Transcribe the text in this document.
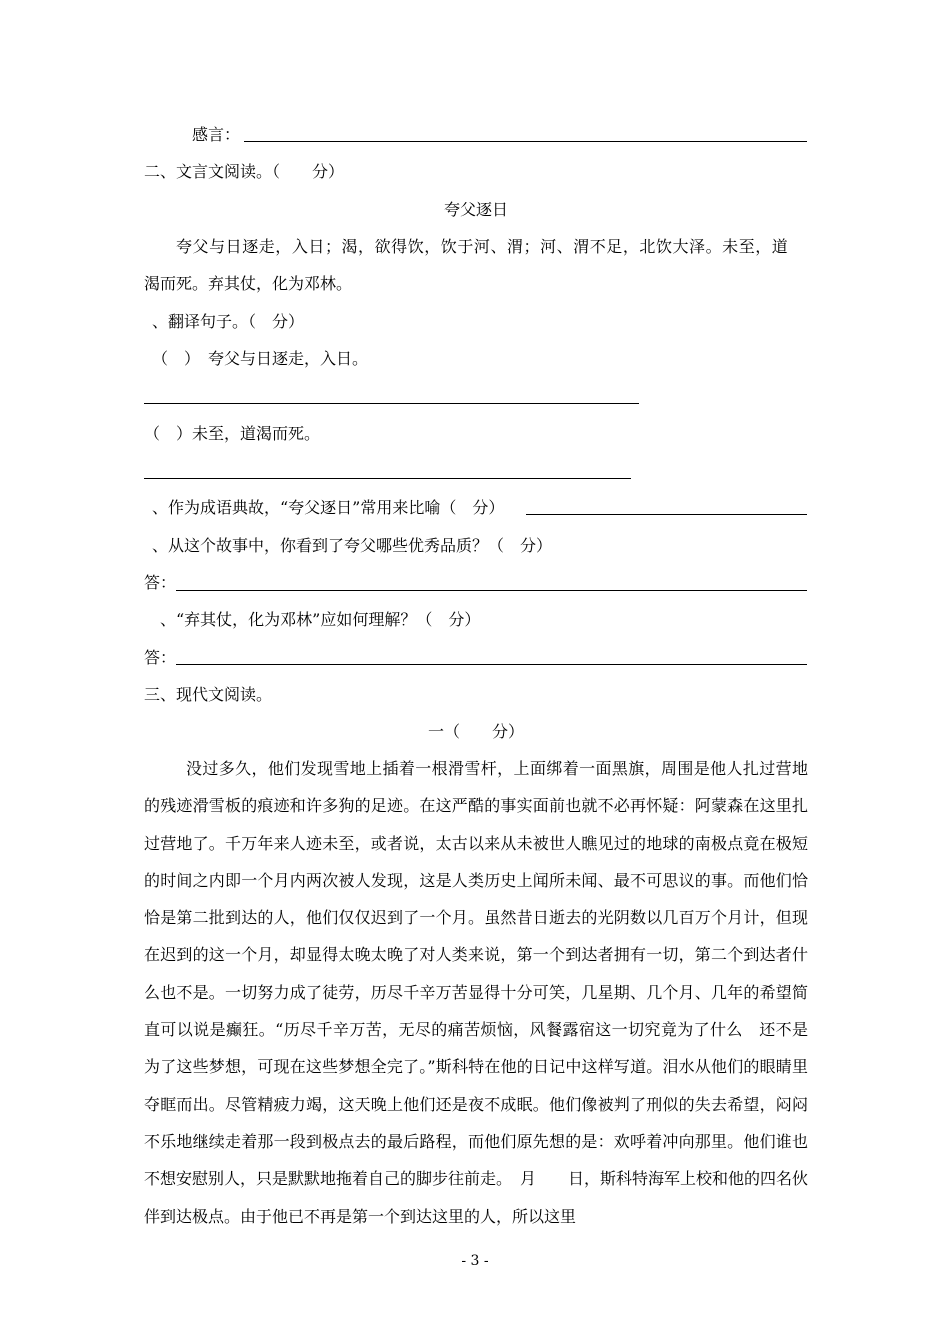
感言：
二、文言文阅读。（　　分）
夸父逐日
夸父与日逐走，入日；渴，欲得饮，饮于河、渭；河、渭不足，北饮大泽。未至，道
渴而死。弃其仗，化为邓林。
、翻译句子。（　分）
（　）　夸父与日逐走，入日。
（　）未至，道渴而死。
、作为成语典故，“夸父逐日”常用来比喻（　分）
、从这个故事中，你看到了夸父哪些优秀品质？（　分）
答：
、“弃其仗，化为邓林”应如何理解？（　分）
答：
三、现代文阅读。
一（　　分）

没过多久，他们发现雪地上插着一根滑雪杆，上面绑着一面黑旗，周围是他人扎过营地的残迹滑雪板的痕迹和许多狗的足迹。在这严酷的事实面前也就不必再怀疑：阿蒙森在这里扎过营地了。千万年来人迹未至，或者说，太古以来从未被世人瞧见过的地球的南极点竟在极短的时间之内即一个月内两次被人发现，这是人类历史上闻所未闻、最不可思议的事。而他们恰恰是第二批到达的人，他们仅仅迟到了一个月。虽然昔日逝去的光阴数以几百万个月计，但现在迟到的这一个月，却显得太晚太晚了对人类来说，第一个到达者拥有一切，第二个到达者什么也不是。一切努力成了徒劳，历尽千辛万苦显得十分可笑，几星期、几个月、几年的希望简直可以说是癫狂。“历尽千辛万苦，无尽的痛苦烦恼，风餐露宿这一切究竟为了什么　还不是为了这些梦想，可现在这些梦想全完了。”斯科特在他的日记中这样写道。泪水从他们的眼睛里夺眶而出。尽管精疲力竭，这天晚上他们还是夜不成眠。他们像被判了刑似的失去希望，闷闷不乐地继续走着那一段到极点去的最后路程，而他们原先想的是：欢呼着冲向那里。他们谁也不想安慰别人，只是默默地拖着自己的脚步往前走。　月　　日，斯科特海军上校和他的四名伙伴到达极点。由于他已不再是第一个到达这里的人，所以这里

- 3 -
